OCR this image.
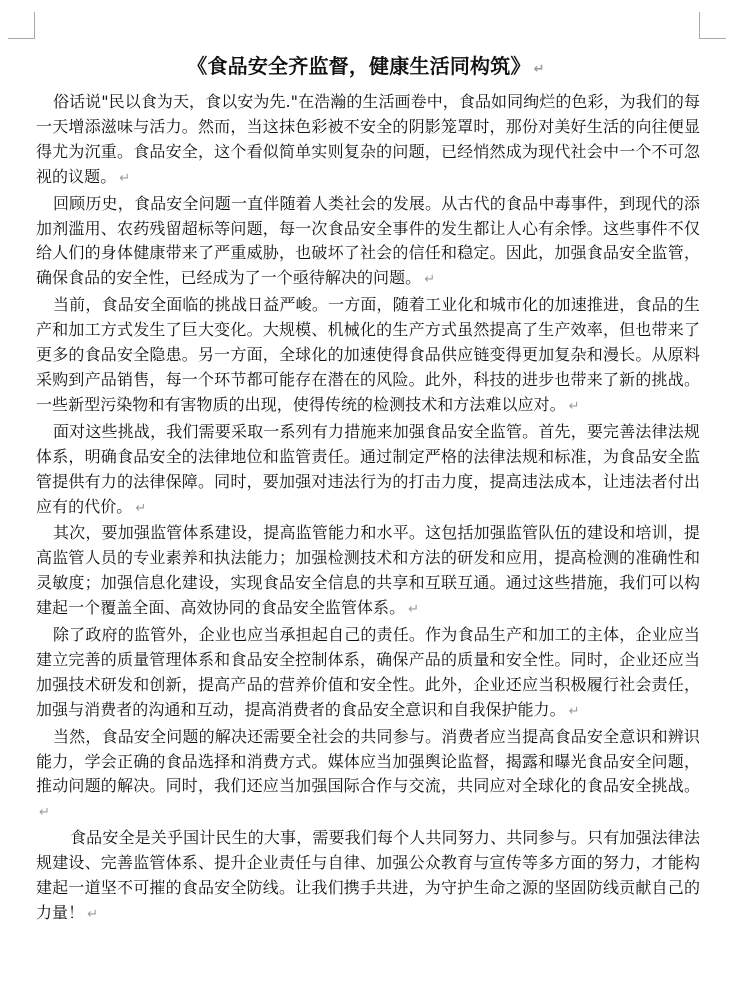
《食品安全齐监督，健康生活同构筑》 ↵

俗话说"民以食为天，食以安为先."在浩瀚的生活画卷中，食品如同绚烂的色彩，为我们的每一天增添滋味与活力。然而，当这抹色彩被不安全的阴影笼罩时，那份对美好生活的向往便显得尤为沉重。食品安全，这个看似简单实则复杂的问题，已经悄然成为现代社会中一个不可忽视的议题。 ↵

回顾历史，食品安全问题一直伴随着人类社会的发展。从古代的食品中毒事件，到现代的添加剂滥用、农药残留超标等问题，每一次食品安全事件的发生都让人心有余悸。这些事件不仅给人们的身体健康带来了严重威胁，也破坏了社会的信任和稳定。因此，加强食品安全监管，确保食品的安全性，已经成为了一个亟待解决的问题。 ↵

当前，食品安全面临的挑战日益严峻。一方面，随着工业化和城市化的加速推进，食品的生产和加工方式发生了巨大变化。大规模、机械化的生产方式虽然提高了生产效率，但也带来了更多的食品安全隐患。另一方面，全球化的加速使得食品供应链变得更加复杂和漫长。从原料采购到产品销售，每一个环节都可能存在潜在的风险。此外，科技的进步也带来了新的挑战。一些新型污染物和有害物质的出现，使得传统的检测技术和方法难以应对。 ↵

面对这些挑战，我们需要采取一系列有力措施来加强食品安全监管。首先，要完善法律法规体系，明确食品安全的法律地位和监管责任。通过制定严格的法律法规和标准，为食品安全监管提供有力的法律保障。同时，要加强对违法行为的打击力度，提高违法成本，让违法者付出应有的代价。 ↵

其次，要加强监管体系建设，提高监管能力和水平。这包括加强监管队伍的建设和培训，提高监管人员的专业素养和执法能力；加强检测技术和方法的研发和应用，提高检测的准确性和灵敏度；加强信息化建设，实现食品安全信息的共享和互联互通。通过这些措施，我们可以构建起一个覆盖全面、高效协同的食品安全监管体系。 ↵

除了政府的监管外，企业也应当承担起自己的责任。作为食品生产和加工的主体，企业应当建立完善的质量管理体系和食品安全控制体系，确保产品的质量和安全性。同时，企业还应当加强技术研发和创新，提高产品的营养价值和安全性。此外，企业还应当积极履行社会责任，加强与消费者的沟通和互动，提高消费者的食品安全意识和自我保护能力。 ↵

当然，食品安全问题的解决还需要全社会的共同参与。消费者应当提高食品安全意识和辨识能力，学会正确的食品选择和消费方式。媒体应当加强舆论监督，揭露和曝光食品安全问题，推动问题的解决。同时，我们还应当加强国际合作与交流，共同应对全球化的食品安全挑战。↵

食品安全是关乎国计民生的大事，需要我们每个人共同努力、共同参与。只有加强法律法规建设、完善监管体系、提升企业责任与自律、加强公众教育与宣传等多方面的努力，才能构建起一道坚不可摧的食品安全防线。让我们携手共进，为守护生命之源的坚固防线贡献自己的力量！ ↵
